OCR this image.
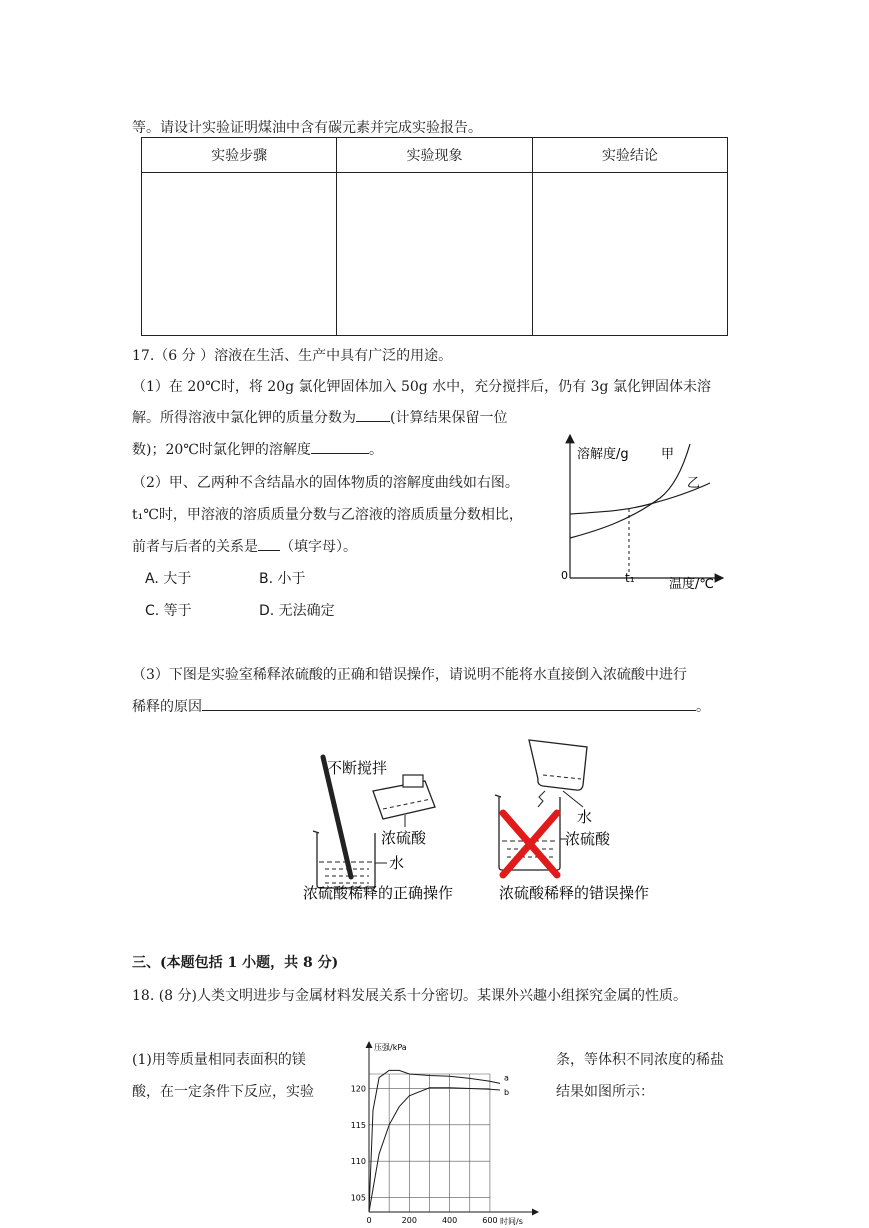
等。请设计实验证明煤油中含有碳元素并完成实验报告。
实验步骤	实验现象	实验结论

17.（6 分 ）溶液在生活、生产中具有广泛的用途。
（1）在 20℃时，将 20g 氯化钾固体加入 50g 水中，充分搅拌后，仍有 3g 氯化钾固体未溶
解。所得溶液中氯化钾的质量分数为 (计算结果保留一位
数)；20℃时氯化钾的溶解度	。
（2）甲、乙两种不含结晶水的固体物质的溶解度曲线如右图。
t₁℃时，甲溶液的溶质质量分数与乙溶液的溶质质量分数相比，
前者与后者的关系是 （填字母）。
A. 大于	B. 小于
C. 等于	D. 无法确定
溶解度/g 甲
乙
0	t₁	温度/℃
（3）下图是实验室稀释浓硫酸的正确和错误操作，请说明不能将水直接倒入浓硫酸中进行
稀释的原因	。
不断搅拌
水
浓硫酸
浓硫酸稀释的正确操作
水
浓硫酸
浓硫酸稀释的错误操作
三、(本题包括 1 小题，共 8 分)
18. (8 分)人类文明进步与金属材料发展关系十分密切。某课外兴趣小组探究金属的性质。
(1)用等质量相同表面积的镁	条，等体积不同浓度的稀盐
酸，在一定条件下反应，实验	结果如图所示：
压强/kPa
时间/s
105
110
115
120
0	200	400	600
a
b
